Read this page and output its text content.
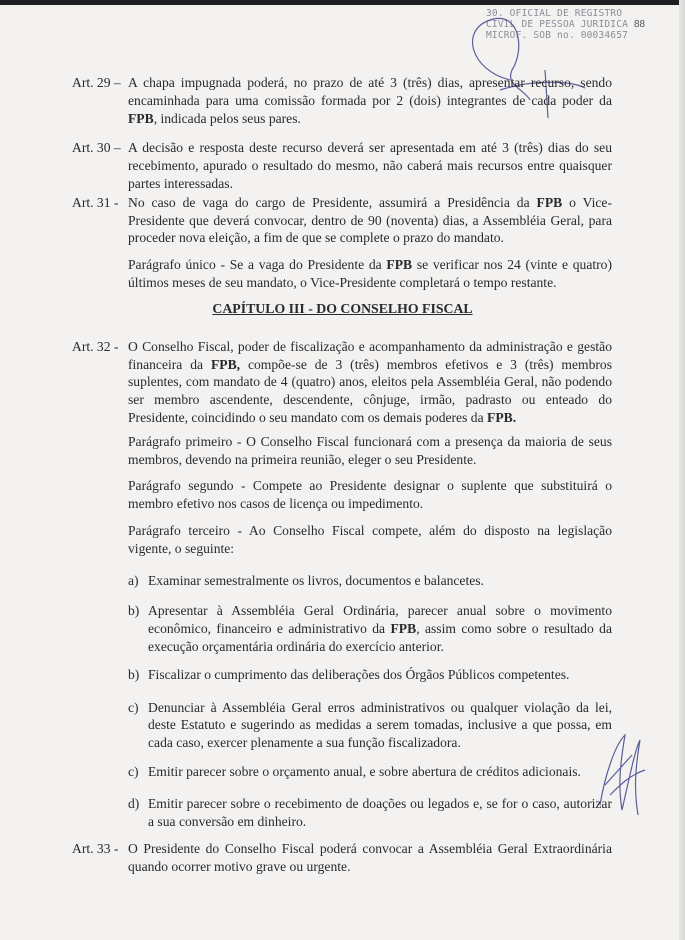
30. OFICIAL DE REGISTRO
CIVIL DE PESSOA JURIDICA
MICROF. SOB no. 00034657
88
Art. 29 – A chapa impugnada poderá, no prazo de até 3 (três) dias, apresentar recurso, sendo encaminhada para uma comissão formada por 2 (dois) integrantes de cada poder da FPB, indicada pelos seus pares.
Art. 30 – A decisão e resposta deste recurso deverá ser apresentada em até 3 (três) dias do seu recebimento, apurado o resultado do mesmo, não caberá mais recursos entre quaisquer partes interessadas.
Art. 31 - No caso de vaga do cargo de Presidente, assumirá a Presidência da FPB o Vice-Presidente que deverá convocar, dentro de 90 (noventa) dias, a Assembléia Geral, para proceder nova eleição, a fim de que se complete o prazo do mandato.
Parágrafo único - Se a vaga do Presidente da FPB se verificar nos 24 (vinte e quatro) últimos meses de seu mandato, o Vice-Presidente completará o tempo restante.
CAPÍTULO III - DO CONSELHO FISCAL
Art. 32 - O Conselho Fiscal, poder de fiscalização e acompanhamento da administração e gestão financeira da FPB, compõe-se de 3 (três) membros efetivos e 3 (três) membros suplentes, com mandato de 4 (quatro) anos, eleitos pela Assembléia Geral, não podendo ser membro ascendente, descendente, cônjuge, irmão, padrasto ou enteado do Presidente, coincidindo o seu mandato com os demais poderes da FPB.
Parágrafo primeiro - O Conselho Fiscal funcionará com a presença da maioria de seus membros, devendo na primeira reunião, eleger o seu Presidente.
Parágrafo segundo - Compete ao Presidente designar o suplente que substituirá o membro efetivo nos casos de licença ou impedimento.
Parágrafo terceiro - Ao Conselho Fiscal compete, além do disposto na legislação vigente, o seguinte:
a) Examinar semestralmente os livros, documentos e balancetes.
b) Apresentar à Assembléia Geral Ordinária, parecer anual sobre o movimento econômico, financeiro e administrativo da FPB, assim como sobre o resultado da execução orçamentária ordinária do exercício anterior.
b) Fiscalizar o cumprimento das deliberações dos Órgãos Públicos competentes.
c) Denunciar à Assembléia Geral erros administrativos ou qualquer violação da lei, deste Estatuto e sugerindo as medidas a serem tomadas, inclusive a que possa, em cada caso, exercer plenamente a sua função fiscalizadora.
c) Emitir parecer sobre o orçamento anual, e sobre abertura de créditos adicionais.
d) Emitir parecer sobre o recebimento de doações ou legados e, se for o caso, autorizar a sua conversão em dinheiro.
Art. 33 - O Presidente do Conselho Fiscal poderá convocar a Assembléia Geral Extraordinária quando ocorrer motivo grave ou urgente.
